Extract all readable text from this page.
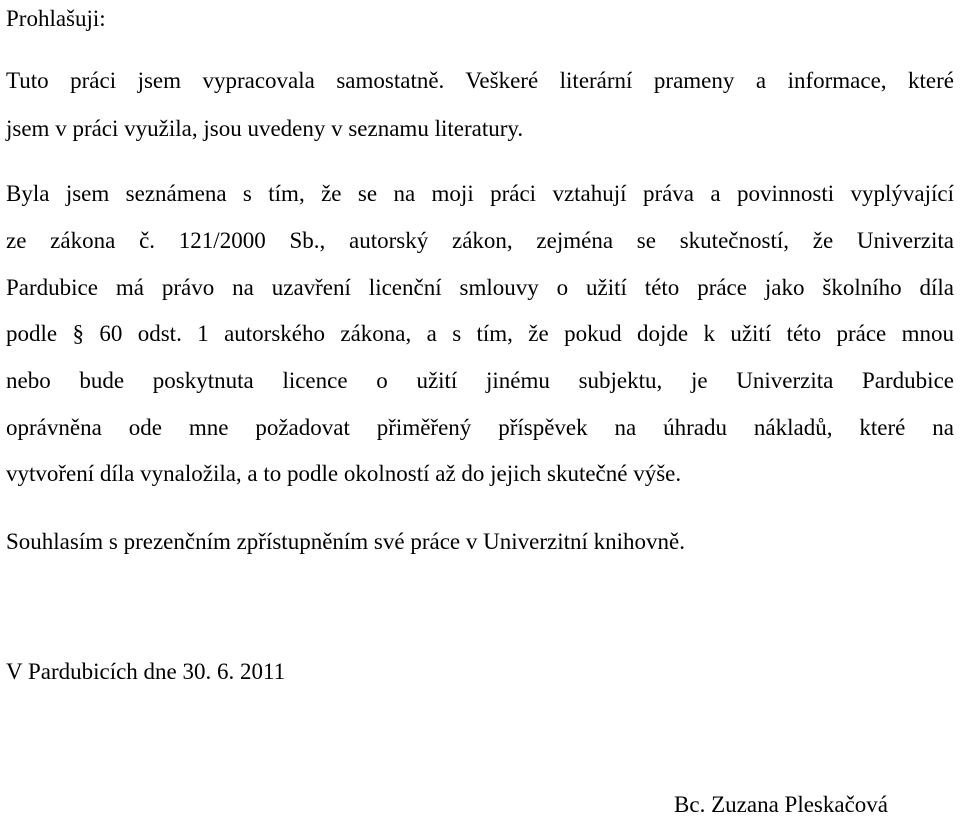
Prohlašuji:
Tuto práci jsem vypracovala samostatně. Veškeré literární prameny a informace, které
jsem v práci využila, jsou uvedeny v seznamu literatury.
Byla jsem seznámena s tím, že se na moji práci vztahují práva a povinnosti vyplývající
ze zákona č. 121/2000 Sb., autorský zákon, zejména se skutečností, že Univerzita
Pardubice má právo na uzavření licenční smlouvy o užití této práce jako školního díla
podle § 60 odst. 1 autorského zákona, a s tím, že pokud dojde k užití této práce mnou
nebo bude poskytnuta licence o užití jinému subjektu, je Univerzita Pardubice
oprávněna ode mne požadovat přiměřený příspěvek na úhradu nákladů, které na
vytvoření díla vynaložila, a to podle okolností až do jejich skutečné výše.
Souhlasím s prezenčním zpřístupněním své práce v Univerzitní knihovně.
V Pardubicích dne 30. 6. 2011
Bc. Zuzana Pleskačová
